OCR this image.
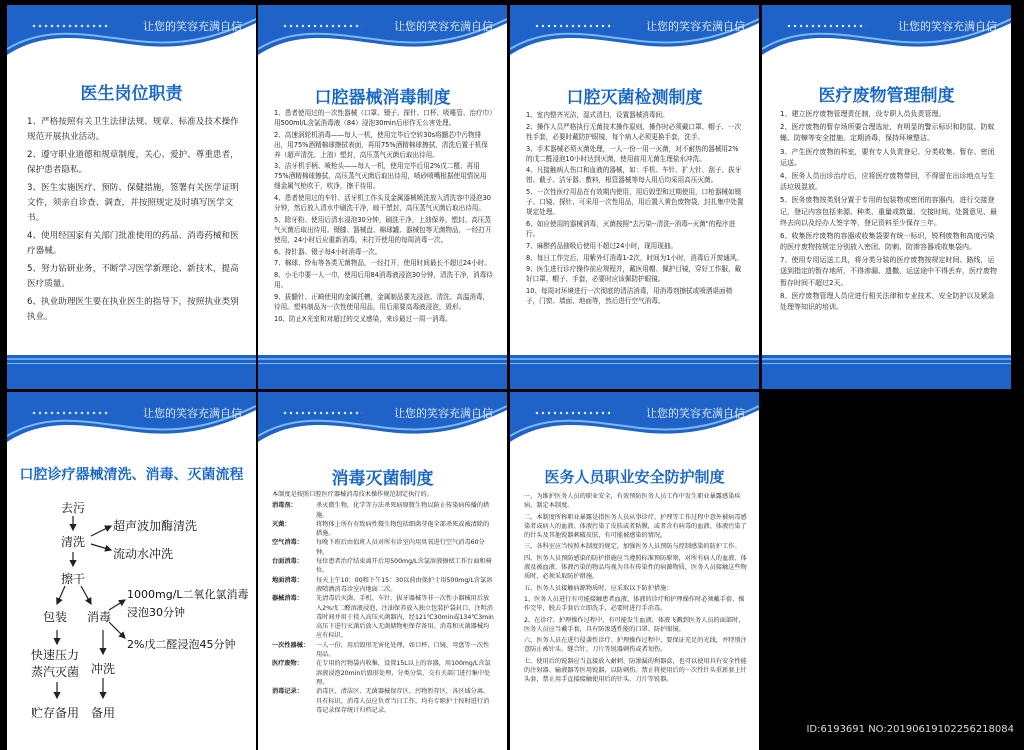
让您的笑容充满自信
医生岗位职责

1、严格按照有关卫生法律法规、规章、标准及技术操作规范开展执业活动。

2、遵守职业道德和规章制度，关心、爱护、尊重患者，保护患者隐私。

3、医生实施医疗、预防、保健措施，签署有关医学证明文件，须亲自诊查、调查，并按照规定及时填写医学文书。

4、使用经国家有关部门批准使用的药品、消毒药械和医疗器械。

5、努力钻研业务，不断学习医学新理论、新技术，提高医疗质量。

6、执业助理医生要在执业医生的指导下，按照执业类别执业。

让您的笑容充满自信
口腔器械消毒制度

1、患者使用过的一次性器械（口罩、镊子、探针、口杯、吸唾管、治疗巾）用500ml/L含氯消毒液（84）浸泡30min后形作无公害处理。

2、高速涡轮机消毒——每人一机，使用完毕后空转30s将髓芯中污物排出，用75%酒精棉球擦拭表面，再用75%酒精棉球擦拭，清洗后置于机保养（超声清洗、上油）塑封，高压蒸气灭菌后取出待用。

3、洁牙机手柄、喷枪头——每人一机，使用完毕后用2%戊二醛、再用75%酒精棉球擦拭，高压蒸气灭菌后取出待用，喷砂喷嘴根据使用情况用细金属气枪吹干，吹净，擦干待用。

4、患者使用过的车针、活牙机工作头及金属器械喷洗放入清洗容中浸泡30分钟，然后放入清水中刷洗干净，晾干塑封，高压蒸气灭菌后取出待用。

5、除牙粉、使用后清水浸泡30分钟，刷洗干净，上油保养，塑封、高压蒸气灭菌后取出待用。镊膝、器械盘、棉球罐、器械包等无菌物品，一经打开使用，24小时后应重新消毒，未打开使用的每周消毒一次。

6、持针器、镊子每4小时消毒一次。

7、棉球、纱布等各类无菌物品，一经打开，使用时间最长不超过24小时。

8、小毛巾要一人一巾，使用后用84消毒液浸泡30分钟，清洗干净，消毒待用。

9、拔髓针、正畸使用的金属托槽，金属制品要先浸泡、清洗、高温消毒，待用。塑料制品为一次性使用用品，用后需要高毒液浸泡，毁形。

10、防止X光室和对超过的交叉感染，来诊最过一周一消毒。

让您的笑容充满自信
口腔灭菌检测制度

1、室内整齐光洁，湿式清扫，设置器械消毒间。

2、操作人员严格执行无菌技术操作原则，操作时必须戴口罩、帽子、一次性手套，必要时戴防护眼镜，每个病人必须更换手套，洗手。

3、手术器械必须灭菌处理，一人一份一用一灭菌，对不耐热的器械用2%的戊二醛浸泡10小时达到灭菌，使用前用无菌生理盐水冲洗。

4、凡接触病人伤口和血液的器械，如：手机、车针、扩大针、刮子、拔牙钳、截子、洁牙器、敷料，根管器械等每人用后均采用高压灭菌。

5、一次性医疗用品在有效期内使用，用后毁型和过期使用，口枪器械如镊子、口镜、探针、可采用一次性用品，用后置入黄色废物袋，封扎集中处置规定处理。

6、如应使用的器械消毒，灭菌按照"去污染--清洗--消毒--灭菌"的程序进行。

7、麻醉药品抽吸后使用不超过24小时，现用现抽。

8、每日工作完后，用紫外灯消毒1-2次，时间为1小时，消毒后开窗通风。

9、医生进行诊疗操作前应规程并，戴医用帽、佩护目镜，穿好工作服，戴好口罩、帽子、手套，必要时应该佩防护眼镜。

10、每周对环境进行一次彻底的清洁消毒，用消毒剂擦拭或喷洒桌面椅子，门窗、墙面、地面等，然后进行空气消毒。

让您的笑容充满自信
医疗废物管理制度

1、建立医疗废物管理责任制，设专职人员负责管理。

2、医疗废物的暂存场所要合理选址，有明显的警示标识和防鼠、防蚊蝇、防蟑等安全措施，定期消毒，保持环境整洁。

3、产生医疗废物的科室，要有专人负责登记、分类收集、暂存、密闭运送。

4、医务人员出诊治疗后，应将医疗废物带回，不得留在出诊地点与生活垃圾混放。

5、医务废物按类别分置于专用的包装物或密闭的容器内，进行交接登记，登记内容包括来源、种类、重量或数量、交接时间、处置意见、最终去向以及经办人签字等，登记资料至少保存三年。

6、收集医疗废物的容器或收集袋要有统一标识，锐利废物和高度污染的医疗废物按规定分别放入密闭、防刺、防渗容器或收集袋内。

7、使用专用运送工具，将分类分装的医疗废物按规定时间、路线，运送到指定的暂存地所，不得渗漏、遗撒，运送途中不得丢弃，医疗废物暂存时间不超过2天。

8、医疗废物管理人员应进行相关法律和专业技术、安全防护以及紧急处理等知识的培训。

让您的笑容充满自信
口腔诊疗器械清洗、消毒、灭菌流程
去污
清洗
超声波加酶清洗
流动水冲洗
擦干
包装 消毒
1000mg/L二氧化氯消毒
浸泡30分钟
2%戊二醛浸泡45分钟
快速压力
蒸汽灭菌 冲洗
贮存备用 备用
让您的笑容充满自信
消毒灭菌制度

本制度是按照口腔医疗器械消毒技术操作规范制定执行的。

消毒剂：	杀灭微生物，化学等方法杀死病原微生物以防止传染病传播的措施。
灭菌：	将物体上所有有致病性微生物包括细菌芽孢全部杀死或被清除的措施。
空气消毒：	每晚下班后由值班人员对所有诊室内用臭氧进行空气消毒60分钟。
台面消毒：	每位患者治疗结束离开后用500mg/L含氯溶液擦拭工作台面和椅位。
地面消毒：	每天上午10：00和下午15：30以前由保护士用500mg/L含氯溶液喷洒消毒诊室内地面二次。
器械消毒：	先清毒后灭菌，手机、车针、拔牙器械等非一次性小器械用后放入2%戊二醛溶液浸泡，注油保养放入独立包装护袋封口，注明消毒时间并用于投入高压灭菌器内，经121℃30min或134℃3min高压下进行灭菌后放入无菌储物柜保存备用。消毒和灭菌器械均应有标识。
一次性器械：	一人一份，用后毁形无害化处理，如口杯、口镜、弯盘等一次性用品。
医疗废物：	在专用的污物袋内收集，设置15L以上的容器，用100mg/L含氯溶液浸泡20min后毁形处理，分类分装，交有关部门进行集中处理。
消毒记录：	消毒区、清洁区、无菌器械保存区、污物暂存区，各区域分离，具有标识，消毒人员应负责当日工作，均有专职护士按时进行消毒记录保存统计归档记录。
让您的笑容充满自信
医务人员职业安全防护制度

一、为维护医务人员的职业安全，有效预防医务人员工作中发生职业暴露感染疾病，制定本制度。

二、本制度所称职业暴露是指医务人员从事诊疗、护理等工作过程中意外被病毒感染者或病人的血液、体液污染了皮肤或者粘膜，或者含有病毒的血液、体液污染了的针头及其他锐器刺破皮肤，有可能被感染的情况。

三、各科室应当按照本制度的规定，加强医务人员预防与控制感染的防护工作。

四、医务人员预防感染的防护措施应当遵照标准预防原则，对所有病人的血液、体液及被血液、体液污染的物品均视为具有传染性的病源物质，医务人员接触这些物质时，必须采取防护措施。

五、医务人员接触病源物质时，应采取以下防护措施：

1、医务人员进行有可能接触患者血液、体液的诊疗和护理操作时必须戴手套，操作完毕，脱去手套后立即洗手，必要时进行手消毒。

2、在诊疗、护理操作过程中，有可能发生血液、体液飞溅到医务人员的面部时，医务人员应当戴手套，具有防渗透性能的口罩、防护眼镜。

六、医务人员在进行侵袭性诊疗、护理操作过程中，要保证充足的光线，并特别注意防止被针头、缝合针、刀片等锐器刺伤或者划伤。

七、使用后的锐器应当直接放入耐刺、防渗漏的利器盒，也可以使用具有安全性能的注射器、输液器等医用锐器，以防刺伤。禁止将使用后的一次性针头重新套上针头套，禁止用手直接接触使用后的针头、刀片等锐器。

昵图网 www.nipic.com	ID:6193691 NO:20190619102256218084
